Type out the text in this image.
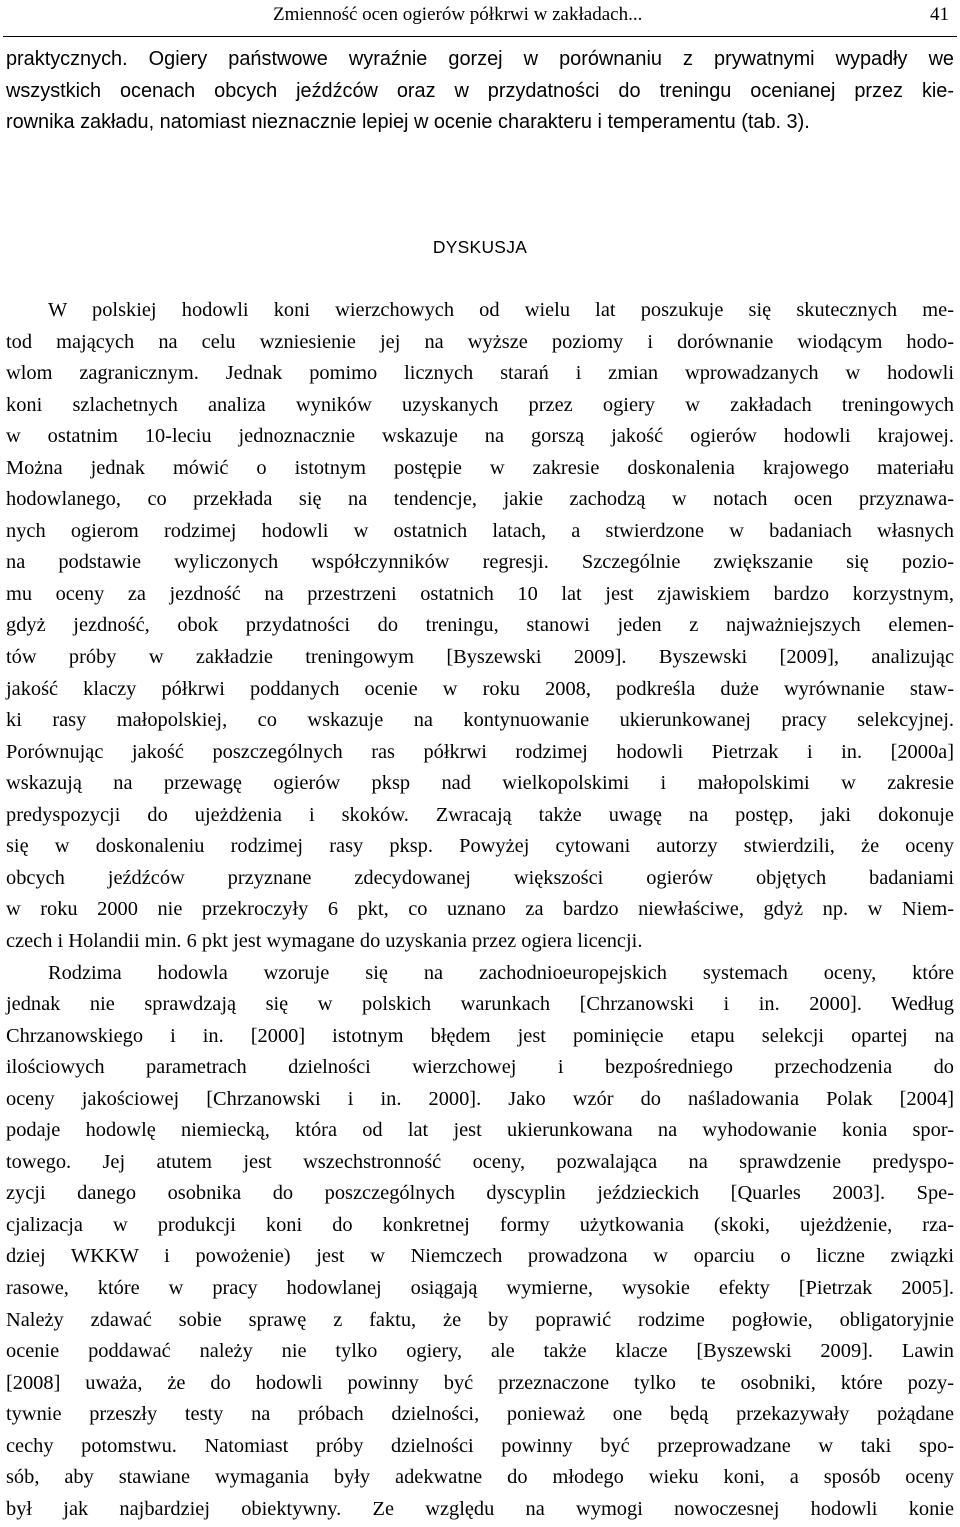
Zmienność ocen ogierów półkrwi w zakładach...	41
praktycznych. Ogiery państwowe wyraźnie gorzej w porównaniu z prywatnymi wypadły we
wszystkich ocenach obcych jeźdźców oraz w przydatności do treningu ocenianej przez kie-
rownika zakładu, natomiast nieznacznie lepiej w ocenie charakteru i temperamentu (tab. 3).
DYSKUSJA
W polskiej hodowli koni wierzchowych od wielu lat poszukuje się skutecznych me-
tod mających na celu wzniesienie jej na wyższe poziomy i dorównanie wiodącym hodo-
wlom zagranicznym. Jednak pomimo licznych starań i zmian wprowadzanych w hodowli
koni szlachetnych analiza wyników uzyskanych przez ogiery w zakładach treningowych
w ostatnim 10-leciu jednoznacznie wskazuje na gorszą jakość ogierów hodowli krajowej.
Można jednak mówić o istotnym postępie w zakresie doskonalenia krajowego materiału
hodowlanego, co przekłada się na tendencje, jakie zachodzą w notach ocen przyznawa-
nych ogierom rodzimej hodowli w ostatnich latach, a stwierdzone w badaniach własnych
na podstawie wyliczonych współczynników regresji. Szczególnie zwiększanie się pozio-
mu oceny za jezdność na przestrzeni ostatnich 10 lat jest zjawiskiem bardzo korzystnym,
gdyż jezdność, obok przydatności do treningu, stanowi jeden z najważniejszych elemen-
tów próby w zakładzie treningowym [Byszewski 2009]. Byszewski [2009], analizując
jakość klaczy półkrwi poddanych ocenie w roku 2008, podkreśla duże wyrównanie staw-
ki rasy małopolskiej, co wskazuje na kontynuowanie ukierunkowanej pracy selekcyjnej.
Porównując jakość poszczególnych ras półkrwi rodzimej hodowli Pietrzak i in. [2000a]
wskazują na przewagę ogierów pksp nad wielkopolskimi i małopolskimi w zakresie
predyspozycji do ujeżdżenia i skoków. Zwracają także uwagę na postęp, jaki dokonuje
się w doskonaleniu rodzimej rasy pksp. Powyżej cytowani autorzy stwierdzili, że oceny
obcych jeźdźców przyznane zdecydowanej większości ogierów objętych badaniami
w roku 2000 nie przekroczyły 6 pkt, co uznano za bardzo niewłaściwe, gdyż np. w Niem-
czech i Holandii min. 6 pkt jest wymagane do uzyskania przez ogiera licencji.
Rodzima hodowla wzoruje się na zachodnioeuropejskich systemach oceny, które
jednak nie sprawdzają się w polskich warunkach [Chrzanowski i in. 2000]. Według
Chrzanowskiego i in. [2000] istotnym błędem jest pominięcie etapu selekcji opartej na
ilościowych parametrach dzielności wierzchowej i bezpośredniego przechodzenia do
oceny jakościowej [Chrzanowski i in. 2000]. Jako wzór do naśladowania Polak [2004]
podaje hodowlę niemiecką, która od lat jest ukierunkowana na wyhodowanie konia spor-
towego. Jej atutem jest wszechstronność oceny, pozwalająca na sprawdzenie predyspo-
zycji danego osobnika do poszczególnych dyscyplin jeździeckich [Quarles 2003]. Spe-
cjalizacja w produkcji koni do konkretnej formy użytkowania (skoki, ujeżdżenie, rza-
dziej WKKW i powożenie) jest w Niemczech prowadzona w oparciu o liczne związki
rasowe, które w pracy hodowlanej osiągają wymierne, wysokie efekty [Pietrzak 2005].
Należy zdawać sobie sprawę z faktu, że by poprawić rodzime pogłowie, obligatoryjnie
ocenie poddawać należy nie tylko ogiery, ale także klacze [Byszewski 2009]. Lawin
[2008] uważa, że do hodowli powinny być przeznaczone tylko te osobniki, które pozy-
tywnie przeszły testy na próbach dzielności, ponieważ one będą przekazywały pożądane
cechy potomstwu. Natomiast próby dzielności powinny być przeprowadzane w taki spo-
sób, aby stawiane wymagania były adekwatne do młodego wieku koni, a sposób oceny
był jak najbardziej obiektywny. Ze względu na wymogi nowoczesnej hodowli konie
